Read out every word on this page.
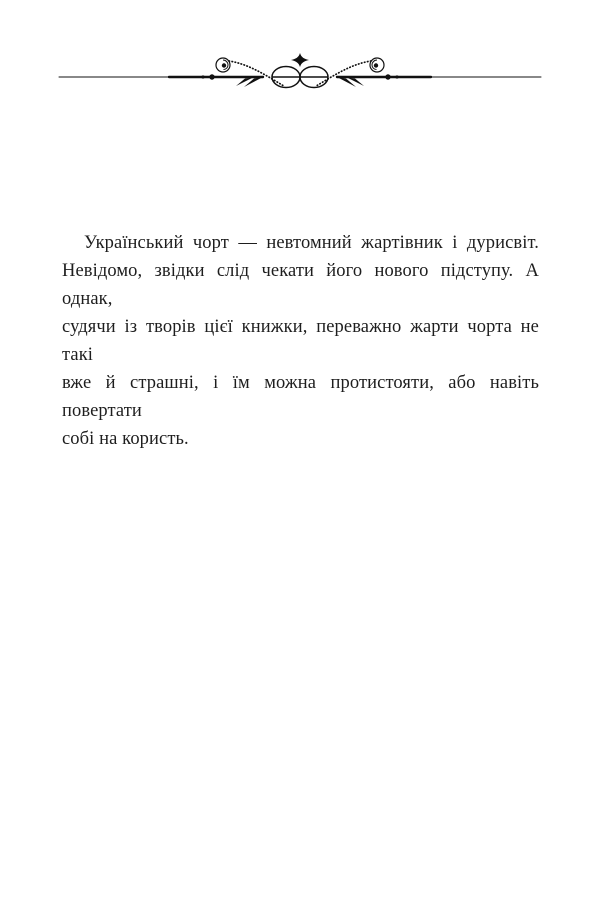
Український чорт — невтомний жартівник і дурисвіт.
Невідомо, звідки слід чекати його нового підступу. А однак,
судячи із творів цієї книжки, переважно жарти чорта не такі
вже й страшні, і їм можна протистояти, або навіть повертати
собі на користь.
